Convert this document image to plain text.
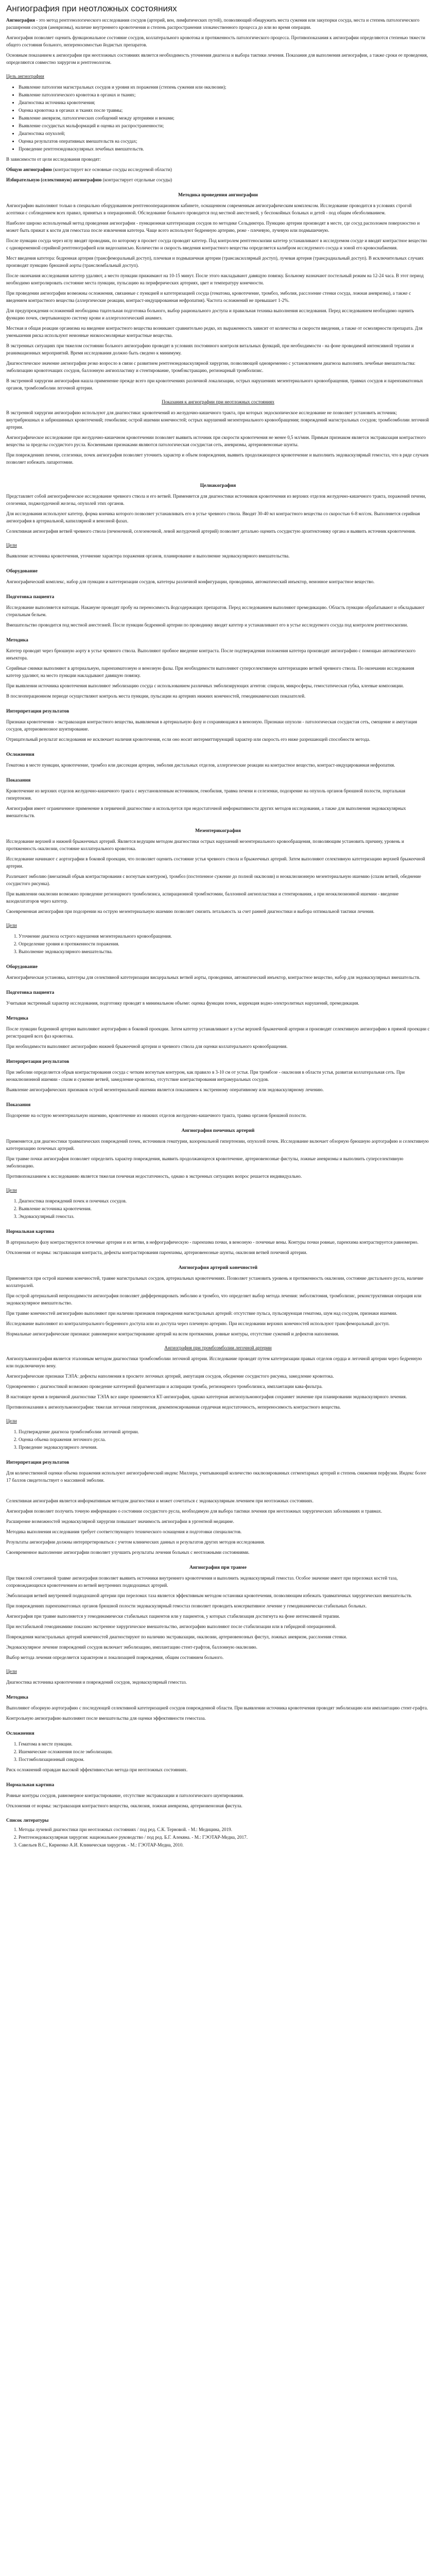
Ангиография при неотложных состояниях

Ангиография - это метод рентгенологического исследования сосудов (артерий, вен, лимфатических путей), позволяющий обнаружить места сужения или закупорки сосуда, места и степень патологического расширения сосудов (аневризмы), наличие внутреннего кровотечения и степень распространения злокачественного процесса до или во время операции.

Ангиография позволяет оценить функциональное состояние сосудов, коллатерального кровотока и протяженность патологического процесса. Противопоказания к ангиографии определяются степенью тяжести общего состояния больного, непереносимостью йодистых препаратов.

Основным показанием к ангиографии при неотложных состояниях является необходимость уточнения диагноза и выбора тактики лечения. Показания для выполнения ангиографии, а также сроки ее проведения, определяются совместно хирургом и рентгенологом.

Цель ангиографии
• Выявление патологии магистральных сосудов и уровня их поражения (степень сужения или окклюзии);
• Выявление патологического кровотока в органах и тканях;
• Диагностика источника кровотечения;
• Оценка кровотока в органах и тканях после травмы;
• Выявление аневризм, патологических сообщений между артериями и венами;
• Выявление сосудистых мальформаций и оценка их распространенности;
• Диагностика опухолей;
• Оценка результатов оперативных вмешательств на сосудах;
• Проведение рентгенэндоваскулярных лечебных вмешательств.

В зависимости от цели исследования проводят:

Общую ангиографию (контрастирует все основные сосуды исследуемой области)

Избирательную (селективную) ангиографию (контрастирует отдельные сосуды)

Методика проведения ангиографии

Ангиографию выполняют только в специально оборудованном рентгенооперационном кабинете, оснащенном современным ангиографическим комплексом. Исследование проводится в условиях строгой асептики с соблюдением всех правил, принятых в операционной. Обследование больного проводится под местной анестезией, у беспокойных больных и детей - под общим обезболиванием.

Наиболее широко используемый метод проведения ангиографии - пункционная катетеризация сосудов по методике Сельдингера. Пункцию артерии производят в месте, где сосуд расположен поверхностно и может быть прижат к кости для гемостаза после извлечения катетера. Чаще всего используют бедренную артерию, реже - плечевую, лучевую или подмышечную.

После пункции сосуда через иглу вводят проводник, по которому в просвет сосуда проводят катетер. Под контролем рентгеноскопии катетер устанавливают в исследуемом сосуде и вводят контрастное вещество с одновременной серийной рентгенографией или видеозаписью. Количество и скорость введения контрастного вещества определяется калибром исследуемого сосуда и зоной его кровоснабжения.

Мест введения катетера: бедренная артерия (трансфеморальный доступ), плечевая и подмышечная артерии (трансаксиллярный доступ), лучевая артерия (трансрадиальный доступ). В исключительных случаях производят пункцию брюшной аорты (транслюмбальный доступ).

После окончания исследования катетер удаляют, а место пункции прижимают на 10-15 минут. После этого накладывают давящую повязку. Больному назначают постельный режим на 12-24 часа. В этот период необходимо контролировать состояние места пункции, пульсацию на периферических артериях, цвет и температуру конечности.

При проведении ангиографии возможны осложнения, связанные с пункцией и катетеризацией сосуда (гематома, кровотечение, тромбоз, эмболия, расслоение стенки сосуда, ложная аневризма), а также с введением контрастного вещества (аллергические реакции, контраст-индуцированная нефропатия). Частота осложнений не превышает 1-2%.

Для предупреждения осложнений необходима тщательная подготовка больного, выбор рационального доступа и правильная техника выполнения исследования. Перед исследованием необходимо оценить функцию почек, свертывающую систему крови и аллергологический анамнез.

Местная и общая реакции организма на введение контрастного вещества возникают сравнительно редко, их выраженность зависит от количества и скорости введения, а также от осмолярности препарата. Для уменьшения риска используют неионные низкоосмолярные контрастные вещества.

В экстренных ситуациях при тяжелом состоянии больного ангиографию проводят в условиях постоянного контроля витальных функций, при необходимости - на фоне проводимой интенсивной терапии и реанимационных мероприятий. Время исследования должно быть сведено к минимуму.

Диагностическое значение ангиографии резко возросло в связи с развитием рентгенэндоваскулярной хирургии, позволяющей одновременно с установлением диагноза выполнять лечебные вмешательства: эмболизацию кровоточащих сосудов, баллонную ангиопластику и стентирование, тромбэкстракцию, регионарный тромболизис.

В экстренной хирургии ангиография нашла применение прежде всего при кровотечениях различной локализации, острых нарушениях мезентериального кровообращения, травмах сосудов и паренхиматозных органов, тромбоэмболии легочной артерии.

Показания к ангиографии при неотложных состояниях

В экстренной хирургии ангиографию используют для диагностики: кровотечений из желудочно-кишечного тракта, при которых эндоскопическое исследование не позволяет установить источник; внутрибрюшных и забрюшинных кровотечений; гемобилии; острой ишемии конечностей; острых нарушений мезентериального кровообращения; повреждений магистральных сосудов; тромбоэмболии легочной артерии.

Ангиографическое исследование при желудочно-кишечном кровотечении позволяет выявить источник при скорости кровотечения не менее 0,5 мл/мин. Прямым признаком является экстравазация контрастного вещества за пределы сосудистого русла. Косвенными признаками являются патологическая сосудистая сеть, аневризмы, артериовенозные шунты.

При повреждениях печени, селезенки, почек ангиография позволяет уточнить характер и объем повреждения, выявить продолжающееся кровотечение и выполнить эндоваскулярный гемостаз, что в ряде случаев позволяет избежать лапаротомии.

Целиакография

Представляет собой ангиографическое исследование чревного ствола и его ветвей. Применяется для диагностики источников кровотечения из верхних отделов желудочно-кишечного тракта, поражений печени, селезенки, поджелудочной железы, опухолей этих органов.

Для исследования используют катетер, форма кончика которого позволяет устанавливать его в устье чревного ствола. Вводят 30-40 мл контрастного вещества со скоростью 6-8 мл/сек. Выполняется серийная ангиография в артериальной, капиллярной и венозной фазах.

Селективная ангиография ветвей чревного ствола (печеночной, селезеночной, левой желудочной артерий) позволяет детально оценить сосудистую архитектонику органа и выявить источник кровотечения.

Цели

Выявление источника кровотечения, уточнение характера поражения органов, планирование и выполнение эндоваскулярного вмешательства.

Оборудование

Ангиографический комплекс, набор для пункции и катетеризации сосудов, катетеры различной конфигурации, проводники, автоматический инъектор, неионное контрастное вещество.

Подготовка пациента

Исследование выполняется натощак. Накануне проводят пробу на переносимость йодсодержащих препаратов. Перед исследованием выполняют премедикацию. Область пункции обрабатывают и обкладывают стерильным бельем.

Вмешательство проводится под местной анестезией. После пункции бедренной артерии по проводнику вводят катетер и устанавливают его в устье исследуемого сосуда под контролем рентгеноскопии.

Методика

Катетер проводят через брюшную аорту в устье чревного ствола. Выполняют пробное введение контраста. После подтверждения положения катетера производят ангиографию с помощью автоматического инъектора.

Серийные снимки выполняют в артериальную, паренхиматозную и венозную фазы. При необходимости выполняют суперселективную катетеризацию ветвей чревного ствола. По окончании исследования катетер удаляют, на место пункции накладывают давящую повязку.

При выявлении источника кровотечения выполняют эмболизацию сосуда с использованием различных эмболизирующих агентов: спирали, микросферы, гемостатическая губка, клеевые композиции.

В послеоперационном периоде осуществляют контроль места пункции, пульсации на артериях нижних конечностей, гемодинамических показателей.

Интерпретация результатов

Признаки кровотечения - экстравазация контрастного вещества, выявляемая в артериальную фазу и сохраняющаяся в венозную. Признаки опухоли - патологическая сосудистая сеть, смещение и ампутация сосудов, артериовенозное шунтирование.

Отрицательный результат исследования не исключает наличия кровотечения, если оно носит интермиттирующий характер или скорость его ниже разрешающей способности метода.

Осложнения

Гематома в месте пункции, кровотечение, тромбоз или диссекция артерии, эмболия дистальных отделов, аллергические реакции на контрастное вещество, контраст-индуцированная нефропатия.

Показания

Кровотечение из верхних отделов желудочно-кишечного тракта с неустановленным источником, гемобилия, травма печени и селезенки, подозрение на опухоль органов брюшной полости, портальная гипертензия.

Ангиография имеет ограниченное применение в первичной диагностике и используется при недостаточной информативности других методов исследования, а также для выполнения эндоваскулярных вмешательств.

Мезентерикография

Исследование верхней и нижней брыжеечных артерий. Является ведущим методом диагностики острых нарушений мезентериального кровообращения, позволяющим установить причину, уровень и протяженность окклюзии, состояние коллатерального кровотока.

Исследование начинают с аортографии в боковой проекции, что позволяет оценить состояние устья чревного ствола и брыжеечных артерий. Затем выполняют селективную катетеризацию верхней брыжеечной артерии.

Различают эмболию (внезапный обрыв контрастирования с вогнутым контуром), тромбоз (постепенное сужение до полной окклюзии) и неокклюзионную мезентериальную ишемию (спазм ветвей, обеднение сосудистого рисунка).

При выявлении окклюзии возможно проведение регионарного тромболизиса, аспирационной тромбэктомии, баллонной ангиопластики и стентирования, а при неокклюзионной ишемии - введение вазодилататоров через катетер.

Своевременная ангиография при подозрении на острую мезентериальную ишемию позволяет снизить летальность за счет ранней диагностики и выбора оптимальной тактики лечения.

Цели
1. Уточнение диагноза острого нарушения мезентериального кровообращения.
2. Определение уровня и протяженности поражения.
3. Выполнение эндоваскулярного вмешательства.
Оборудование

Ангиографическая установка, катетеры для селективной катетеризации висцеральных ветвей аорты, проводники, автоматический инъектор, контрастное вещество, набор для эндоваскулярных вмешательств.

Подготовка пациента

Учитывая экстренный характер исследования, подготовку проводят в минимальном объеме: оценка функции почек, коррекция водно-электролитных нарушений, премедикация.

Методика

После пункции бедренной артерии выполняют аортографию в боковой проекции. Затем катетер устанавливают в устье верхней брыжеечной артерии и производят селективную ангиографию в прямой проекции с регистрацией всех фаз кровотока.

При необходимости выполняют ангиографию нижней брыжеечной артерии и чревного ствола для оценки коллатерального кровообращения.

Интерпретация результатов

При эмболии определяется обрыв контрастирования сосуда с четким вогнутым контуром, как правило в 3-10 см от устья. При тромбозе - окклюзия в области устья, развитая коллатеральная сеть. При неокклюзионной ишемии - спазм и сужение ветвей, замедление кровотока, отсутствие контрастирования интрамуральных сосудов.

Выявление ангиографических признаков острой мезентериальной ишемии является показанием к экстренному оперативному или эндоваскулярному лечению.

Показания

Подозрение на острую мезентериальную ишемию, кровотечение из нижних отделов желудочно-кишечного тракта, травма органов брюшной полости.

Ангиография почечных артерий

Применяется для диагностики травматических повреждений почек, источников гематурии, вазоренальной гипертензии, опухолей почек. Исследование включает обзорную брюшную аортографию и селективную катетеризацию почечных артерий.

При травме почки ангиография позволяет определить характер повреждения, выявить продолжающееся кровотечение, артериовенозные фистулы, ложные аневризмы и выполнить суперселективную эмболизацию.

Противопоказанием к исследованию является тяжелая почечная недостаточность, однако в экстренных ситуациях вопрос решается индивидуально.

Цели
1. Диагностика повреждений почек и почечных сосудов.
2. Выявление источника кровотечения.
3. Эндоваскулярный гемостаз.
Нормальная картина

В артериальную фазу контрастируются почечные артерии и их ветви, в нефрографическую - паренхима почки, в венозную - почечные вены. Контуры почки ровные, паренхима контрастируется равномерно.

Отклонения от нормы: экстравазация контраста, дефекты контрастирования паренхимы, артериовенозные шунты, окклюзия ветвей почечной артерии.

Ангиография артерий конечностей

Применяется при острой ишемии конечностей, травме магистральных сосудов, артериальных кровотечениях. Позволяет установить уровень и протяженность окклюзии, состояние дистального русла, наличие коллатералей.

При острой артериальной непроходимости ангиография позволяет дифференцировать эмболию и тромбоз, что определяет выбор метода лечения: эмболэктомия, тромболизис, реконструктивная операция или эндоваскулярное вмешательство.

При травме конечностей ангиографию выполняют при наличии признаков повреждения магистральных артерий: отсутствие пульса, пульсирующая гематома, шум над сосудом, признаки ишемии.

Исследование выполняют из контралатерального бедренного доступа или из доступа через плечевую артерию. При исследовании верхних конечностей используют трансфеморальный доступ.

Нормальные ангиографические признаки: равномерное контрастирование артерий на всем протяжении, ровные контуры, отсутствие сужений и дефектов наполнения.

Ангиография при тромбоэмболии легочной артерии

Ангиопульмонография является эталонным методом диагностики тромбоэмболии легочной артерии. Исследование проводят путем катетеризации правых отделов сердца и легочной артерии через бедренную или подключичную вену.

Ангиографические признаки ТЭЛА: дефекты наполнения в просвете легочных артерий, ампутация сосудов, обеднение сосудистого рисунка, замедление кровотока.

Одновременно с диагностикой возможно проведение катетерной фрагментации и аспирации тромба, регионарного тромболизиса, имплантации кава-фильтра.

В настоящее время в первичной диагностике ТЭЛА все шире применяется КТ-ангиография, однако катетерная ангиопульмонография сохраняет значение при планировании эндоваскулярного лечения.

Противопоказания к ангиопульмонографии: тяжелая легочная гипертензия, декомпенсированная сердечная недостаточность, непереносимость контрастного вещества.

Цели
1. Подтверждение диагноза тромбоэмболии легочной артерии.
2. Оценка объема поражения легочного русла.
3. Проведение эндоваскулярного лечения.
Интерпретация результатов

Для количественной оценки объема поражения используют ангиографический индекс Миллера, учитывающий количество окклюзированных сегментарных артерий и степень снижения перфузии. Индекс более 17 баллов свидетельствует о массивной эмболии.

Селективная ангиография является информативным методом диагностики и может сочетаться с эндоваскулярным лечением при неотложных состояниях.

Ангиография позволяет получить точную информацию о состоянии сосудистого русла, необходимую для выбора тактики лечения при неотложных хирургических заболеваниях и травмах.

Расширение возможностей эндоваскулярной хирургии повышает значимость ангиографии в ургентной медицине.

Методика выполнения исследования требует соответствующего технического оснащения и подготовки специалистов.

Результаты ангиографии должны интерпретироваться с учетом клинических данных и результатов других методов исследования.

Своевременное выполнение ангиографии позволяет улучшить результаты лечения больных с неотложными состояниями.

Ангиография при травме

При тяжелой сочетанной травме ангиография позволяет выявить источники внутреннего кровотечения и выполнить эндоваскулярный гемостаз. Особое значение имеет при переломах костей таза, сопровождающихся кровотечением из ветвей внутренних подвздошных артерий.

Эмболизация ветвей внутренней подвздошной артерии при переломах таза является эффективным методом остановки кровотечения, позволяющим избежать травматичных хирургических вмешательств.

При повреждениях паренхиматозных органов брюшной полости эндоваскулярный гемостаз позволяет проводить консервативное лечение у гемодинамически стабильных больных.

Ангиография при травме выполняется у гемодинамически стабильных пациентов или у пациентов, у которых стабилизация достигнута на фоне интенсивной терапии.

При нестабильной гемодинамике показано экстренное хирургическое вмешательство, ангиографию выполняют после стабилизации или в гибридной операционной.

Повреждения магистральных артерий конечностей диагностируют по наличию экстравазации, окклюзии, артериовенозных фистул, ложных аневризм, расслоения стенки.

Эндоваскулярное лечение повреждений сосудов включает эмболизацию, имплантацию стент-графтов, баллонную окклюзию.

Выбор метода лечения определяется характером и локализацией повреждения, общим состоянием больного.

Цели

Диагностика источника кровотечения и повреждений сосудов, эндоваскулярный гемостаз.

Методика

Выполняют обзорную аортографию с последующей селективной катетеризацией сосудов поврежденной области. При выявлении источника кровотечения проводят эмболизацию или имплантацию стент-графта.

Контрольную ангиографию выполняют после вмешательства для оценки эффективности гемостаза.

Осложнения
1. Гематома в месте пункции.
2. Ишемические осложнения после эмболизации.
3. Постэмболизационный синдром.

Риск осложнений оправдан высокой эффективностью метода при неотложных состояниях.

Нормальная картина

Ровные контуры сосудов, равномерное контрастирование, отсутствие экстравазации и патологического шунтирования.

Отклонения от нормы: экстравазация контрастного вещества, окклюзия, ложная аневризма, артериовенозная фистула.

Список литературы
1. Методы лучевой диагностики при неотложных состояниях / под ред. С.К. Терновой. - М.: Медицина, 2019.
2. Рентгенэндоваскулярная хирургия: национальное руководство / под ред. Б.Г. Алекяна. - М.: ГЭОТАР-Медиа, 2017.
3. Савельев В.С., Кириенко А.И. Клиническая хирургия. - М.: ГЭОТАР-Медиа, 2010.
